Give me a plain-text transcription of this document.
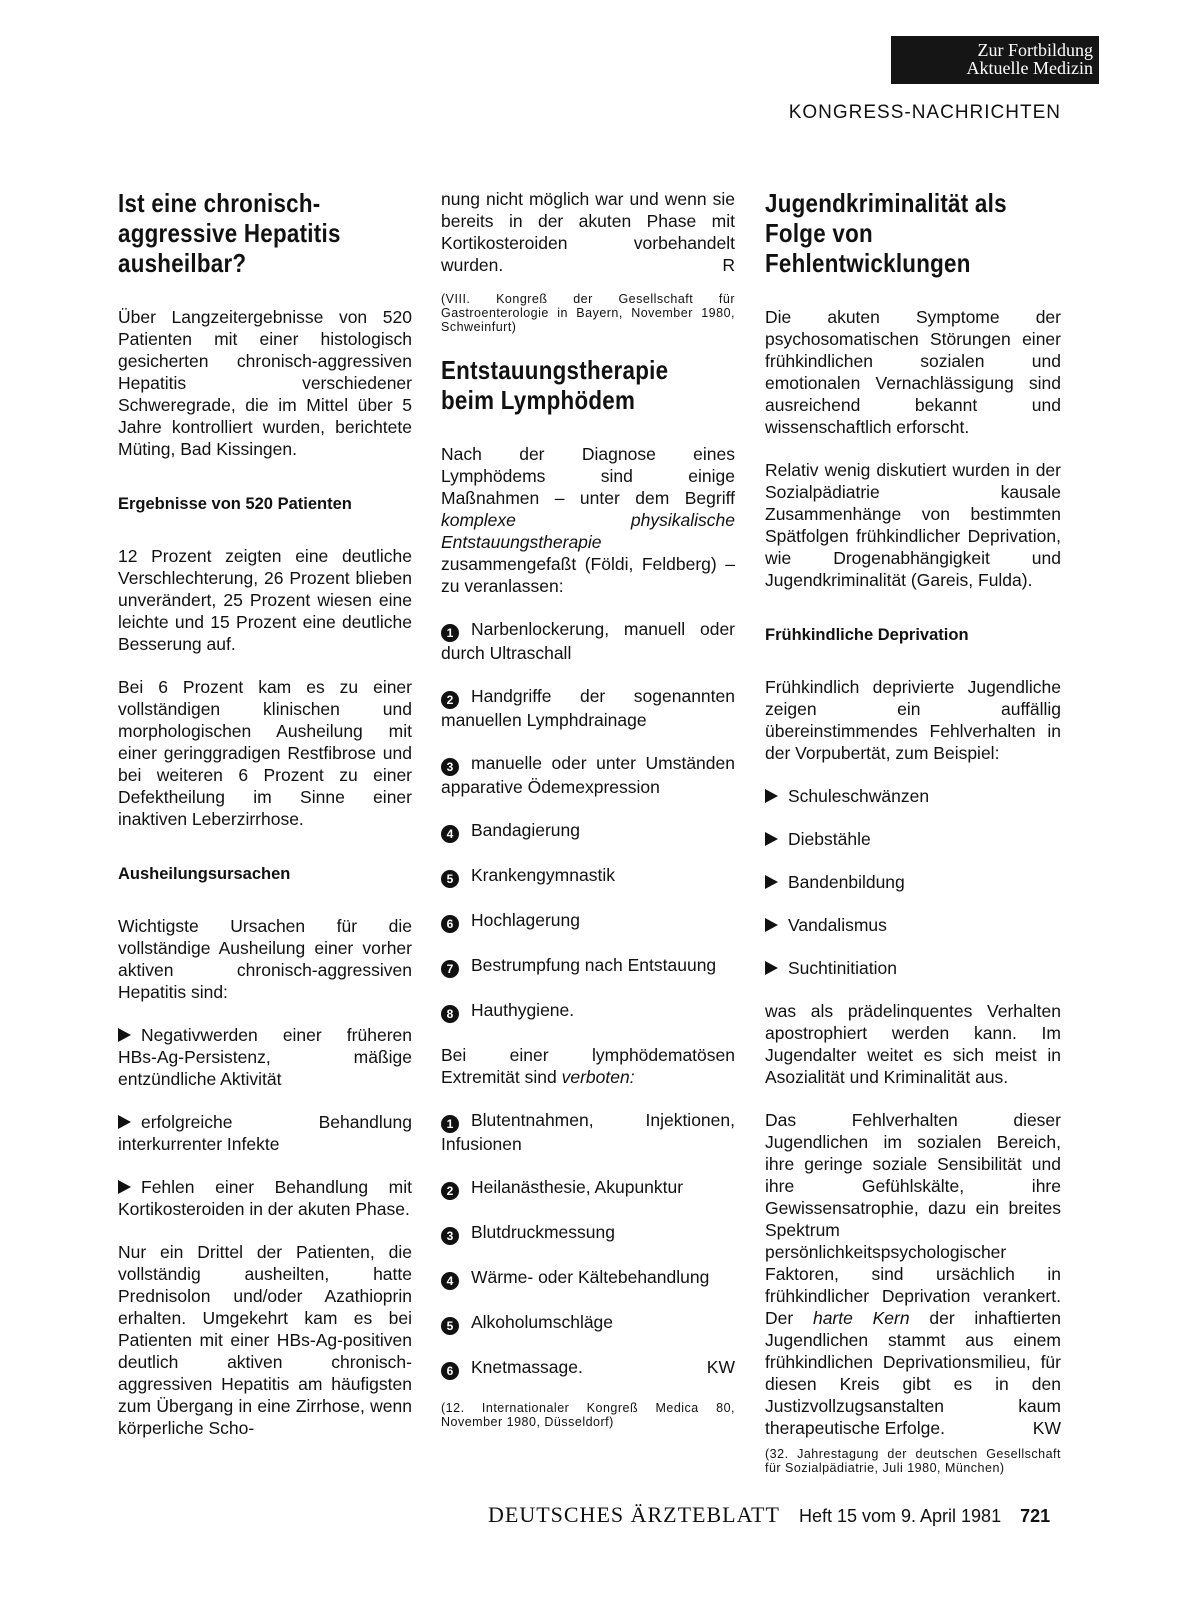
Zur Fortbildung
Aktuelle Medizin
KONGRESS-NACHRICHTEN
Ist eine chronisch-aggressive Hepatitis ausheilbar?

Über Langzeitergebnisse von 520 Patienten mit einer histologisch gesicherten chronisch-aggressiven Hepatitis verschiedener Schweregrade, die im Mittel über 5 Jahre kontrolliert wurden, berichtete Müting, Bad Kissingen.

Ergebnisse von 520 Patienten

12 Prozent zeigten eine deutliche Verschlechterung, 26 Prozent blieben unverändert, 25 Prozent wiesen eine leichte und 15 Prozent eine deutliche Besserung auf.

Bei 6 Prozent kam es zu einer vollständigen klinischen und morphologischen Ausheilung mit einer geringgradigen Restfibrose und bei weiteren 6 Prozent zu einer Defektheilung im Sinne einer inaktiven Leberzirrhose.

Ausheilungsursachen

Wichtigste Ursachen für die vollständige Ausheilung einer vorher aktiven chronisch-aggressiven Hepatitis sind:

Negativwerden einer früheren HBs-Ag-Persistenz, mäßige entzündliche Aktivität

erfolgreiche Behandlung interkurrenter Infekte

Fehlen einer Behandlung mit Kortikosteroiden in der akuten Phase.

Nur ein Drittel der Patienten, die vollständig ausheilten, hatte Prednisolon und/oder Azathioprin erhalten. Umgekehrt kam es bei Patienten mit einer HBs-Ag-positiven deutlich aktiven chronisch-aggressiven Hepatitis am häufigsten zum Übergang in eine Zirrhose, wenn körperliche Scho-

nung nicht möglich war und wenn sie bereits in der akuten Phase mit Kortikosteroiden vorbehandelt wurden.	R

(VIII. Kongreß der Gesellschaft für Gastroenterologie in Bayern, November 1980, Schweinfurt)

Entstauungstherapie beim Lymphödem

Nach der Diagnose eines Lymphödems sind einige Maßnahmen – unter dem Begriff komplexe physikalische Entstauungstherapie zusammengefaßt (Földi, Feldberg) – zu veranlassen:

1 Narbenlockerung, manuell oder durch Ultraschall

2 Handgriffe der sogenannten manuellen Lymphdrainage

3 manuelle oder unter Umständen apparative Ödemexpression

4 Bandagierung

5 Krankengymnastik

6 Hochlagerung

7 Bestrumpfung nach Entstauung

8 Hauthygiene.

Bei einer lymphödematösen Extremität sind verboten:

1 Blutentnahmen, Injektionen, Infusionen

2 Heilanästhesie, Akupunktur

3 Blutdruckmessung

4 Wärme- oder Kältebehandlung

5 Alkoholumschläge

6 Knetmassage.	KW

(12. Internationaler Kongreß Medica 80, November 1980, Düsseldorf)

Jugendkriminalität als Folge von Fehlentwicklungen

Die akuten Symptome der psychosomatischen Störungen einer frühkindlichen sozialen und emotionalen Vernachlässigung sind ausreichend bekannt und wissenschaftlich erforscht.

Relativ wenig diskutiert wurden in der Sozialpädiatrie kausale Zusammenhänge von bestimmten Spätfolgen frühkindlicher Deprivation, wie Drogenabhängigkeit und Jugendkriminalität (Gareis, Fulda).

Frühkindliche Deprivation

Frühkindlich deprivierte Jugendliche zeigen ein auffällig übereinstimmendes Fehlverhalten in der Vorpubertät, zum Beispiel:

Schuleschwänzen

Diebstähle

Bandenbildung

Vandalismus

Suchtinitiation

was als prädelinquentes Verhalten apostrophiert werden kann. Im Jugendalter weitet es sich meist in Asozialität und Kriminalität aus.

Das Fehlverhalten dieser Jugendlichen im sozialen Bereich, ihre geringe soziale Sensibilität und ihre Gefühlskälte, ihre Gewissensatrophie, dazu ein breites Spektrum persönlichkeitspsychologischer Faktoren, sind ursächlich in frühkindlicher Deprivation verankert. Der harte Kern der inhaftierten Jugendlichen stammt aus einem frühkindlichen Deprivationsmilieu, für diesen Kreis gibt es in den Justizvollzugsanstalten kaum therapeutische Erfolge.	KW

(32. Jahrestagung der deutschen Gesellschaft für Sozialpädiatrie, Juli 1980, München)

DEUTSCHES ÄRZTEBLATT Heft 15 vom 9. April 1981 721
